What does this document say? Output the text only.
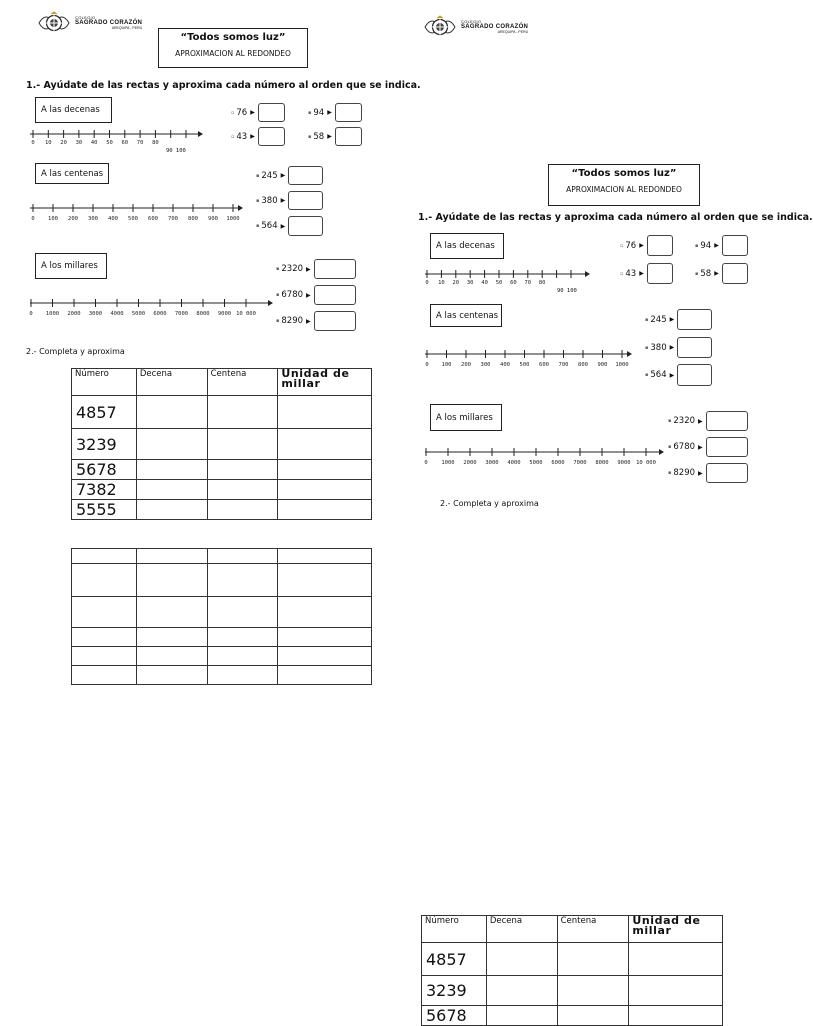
COLEGIO
SAGRADO CORAZÓN
AREQUIPA - PERÚ
“Todos somos luz”
APROXIMACION AL REDONDEO
1.- Ayúdate de las rectas y aproxima cada número al orden que se indica.
A las decenas
0 10 20 30 40 50 60 70 80
90 100
▫ 76 ▶	▪ 94 ▶
▫ 43 ▶	▪ 58 ▶
A las centenas
0 100 200 300 400 500 600 700 800 900 1000
▪ 245 ▶
▪ 380 ▶
▪ 564 ▶
A los millares
0 1000 2000 3000 4000 5000 6000 7000 8000 9000 10 000
▪ 2320 ▶
▪ 6780 ▶
▪ 8290 ▶
2.- Completa y aproxima
Número	Decena	Centena	Unidad de millar
4857			
3239			
5678			
7382			
5555			

COLEGIO
SAGRADO CORAZÓN
AREQUIPA - PERÚ
“Todos somos luz”
APROXIMACION AL REDONDEO
1.- Ayúdate de las rectas y aproxima cada número al orden que se indica.
A las decenas
0 10 20 30 40 50 60 70 80
90 100
▫ 76 ▶	▪ 94 ▶
▫ 43 ▶	▪ 58 ▶
A las centenas
0 100 200 300 400 500 600 700 800 900 1000
▪ 245 ▶
▪ 380 ▶
▪ 564 ▶
A los millares
0 1000 2000 3000 4000 5000 6000 7000 8000 9000 10 000
▪ 2320 ▶
▪ 6780 ▶
▪ 8290 ▶
2.- Completa y aproxima
Número	Decena	Centena	Unidad de millar
4857			
3239			
5678			
